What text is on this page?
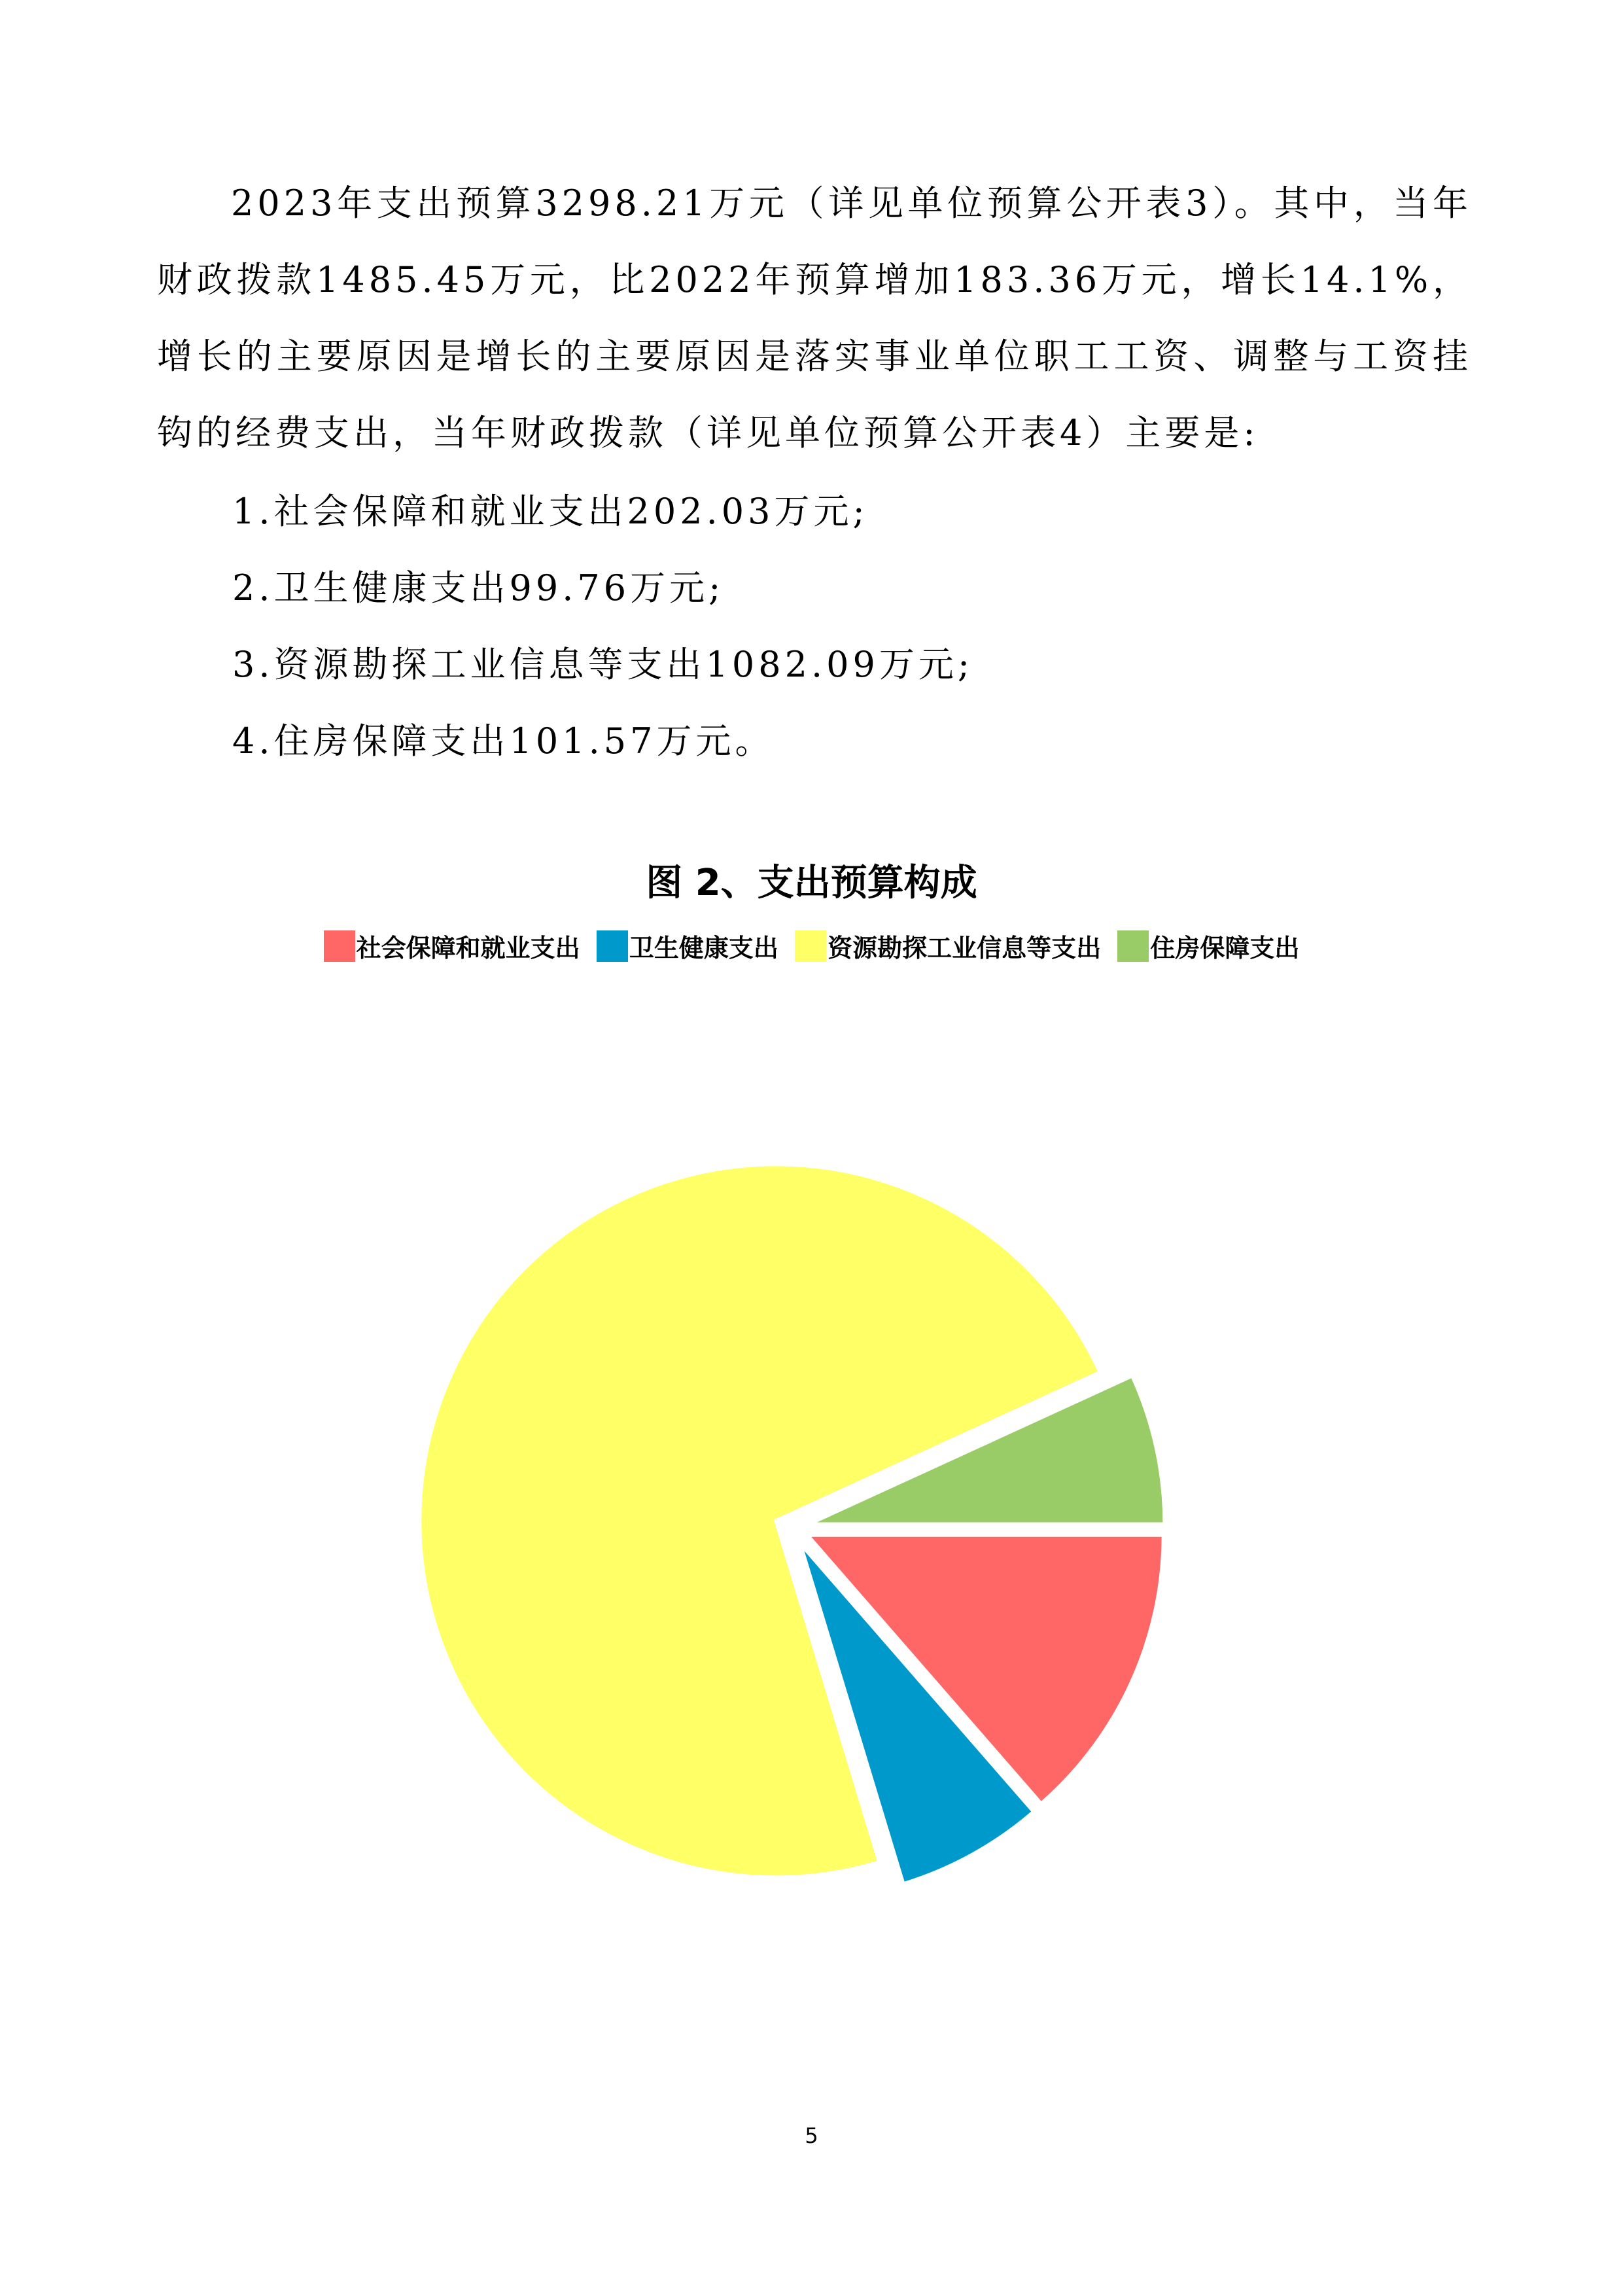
2023年支出预算3298.21万元（详见单位预算公开表3）。其中，当年财政拨款1485.45万元，比2022年预算增加183.36万元，增长14.1%，增长的主要原因是增长的主要原因是落实事业单位职工工资、调整与工资挂钩的经费支出，当年财政拨款（详见单位预算公开表4）主要是:

1.社会保障和就业支出202.03万元;
2.卫生健康支出99.76万元;
3.资源勘探工业信息等支出1082.09万元;
4.住房保障支出101.57万元。
图 2、支出预算构成
社会保障和就业支出 卫生健康支出 资源勘探工业信息等支出 住房保障支出
5
